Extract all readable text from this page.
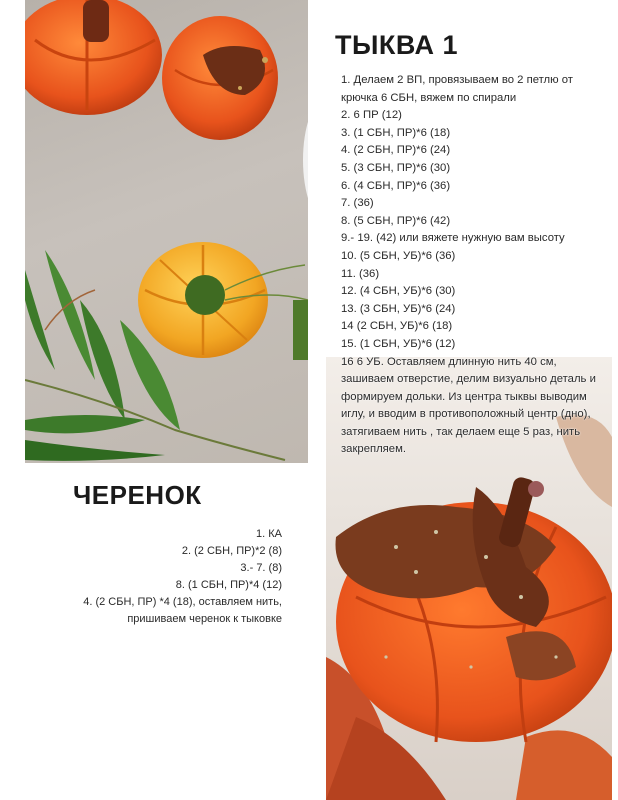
ТЫКВА 1
1. Делаем 2 ВП, провязываем во 2 петлю от крючка 6 СБН, вяжем по спирали
2. 6 ПР (12)
3. (1 СБН, ПР)*6 (18)
4. (2 СБН, ПР)*6 (24)
5. (3 СБН, ПР)*6 (30)
6. (4 СБН, ПР)*6 (36)
7. (36)
8. (5 СБН, ПР)*6 (42)
9.- 19. (42) или вяжете нужную вам высоту
10. (5 СБН, УБ)*6 (36)
11. (36)
12. (4 СБН, УБ)*6 (30)
13. (3 СБН, УБ)*6 (24)
14 (2 СБН, УБ)*6 (18)
15. (1 СБН, УБ)*6 (12)
16 6 УБ. Оставляем длинную нить 40 см, зашиваем отверстие, делим визуально деталь и формируем дольки. Из центра тыквы выводим иглу, и вводим в противоположный центр (дно), затягиваем нить , так делаем еще 5 раз, нить закрепляем.
ЧЕРЕНОК
1. КА
2. (2 СБН, ПР)*2 (8)
3.- 7. (8)
8. (1 СБН, ПР)*4 (12)
4. (2 СБН, ПР) *4 (18), оставляем нить, пришиваем черенок к тыковке
